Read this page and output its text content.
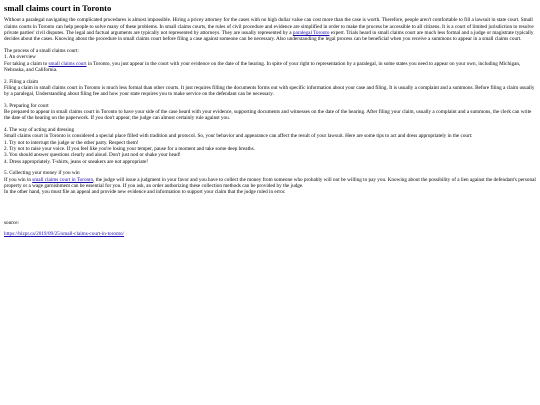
small claims court in Toronto

Without a paralegal navigating the complicated procedures is almost impossible. Hiring a pricey attorney for the cases with no high dollar value can cost more than the case is worth. Therefore, people aren't comfortable to fill a lawsuit in state court. Small claims courts in Toronto can help people to solve many of these problems. In small claims courts, the rules of civil procedure and evidence are simplified in order to make the process be accessible to all citizens. It is a court of limited jurisdiction to resolve private parties' civil disputes. The legal and factual arguments are typically not represented by attorneys. They are usually represented by a paralegal Toronto expert. Trials heard in small claims court are much less formal and a judge or magistrate typically decides about the cases. Knowing about the procedure in small claims court before filing a case against someone can be necessary. Also understanding the legal process can be beneficial when you receive a summons to appear in a small claims court.

The process of a small claims court:

1. An overview

For taking a claim to small claims court in Toronto, you just appear in the court with your evidence on the date of the hearing. In spite of your right to representation by a paralegal, in some states you need to appear on your own, including Michigan, Nebraska, and California.

2. Filing a claim

Filing a claim in small claims court in Toronto is much less formal than other courts. It just requires filling the documents forms out with specific information about your case and filing. It is usually a complaint and a summons. Before filing a claim usually by a paralegal, Understanding about filing fee and how your state requires you to make service on the defendant can be necessary.

3. Preparing for court

Be prepared to appear in small claims court in Toronto to have your side of the case heard with your evidence, supporting documents and witnesses on the date of the hearing. After filing your claim, usually a complaint and a summons, the clerk can write the date of the hearing on the paperwork. If you don't appear, the judge can almost certainly rule against you.

4. The way of acting and dressing

Small claims court in Toronto is considered a special place filled with tradition and protocol. So, your behavior and appearance can affect the result of your lawsuit. Here are some tips to act and dress appropriately in the court:

1. Try not to interrupt the judge or the other party. Respect them!

2. Try not to raise your voice. If you feel like you're losing your temper, pause for a moment and take some deep breaths.

3. You should answer questions clearly and aloud. Don't just nod or shake your head!

4. Dress appropriately. T-shirts, jeans or sneakers are not appropriate!

5. Collecting your money if you win

If you win in small claims court in Toronto, the judge will issue a judgment in your favor and you have to collect the money from someone who probably will not be willing to pay you. Knowing about the possibility of a lien against the defendant's personal property or a wage garnishment can be essential for you. If you ask, an order authorizing these collection methods can be provided by the judge.

In the other hand, you must file an appeal and provide new evidence and information to support your claim that the judge ruled in error.

source:

https://bizpr.ca/2019/09/25/small-claims-court-in-toronto/
